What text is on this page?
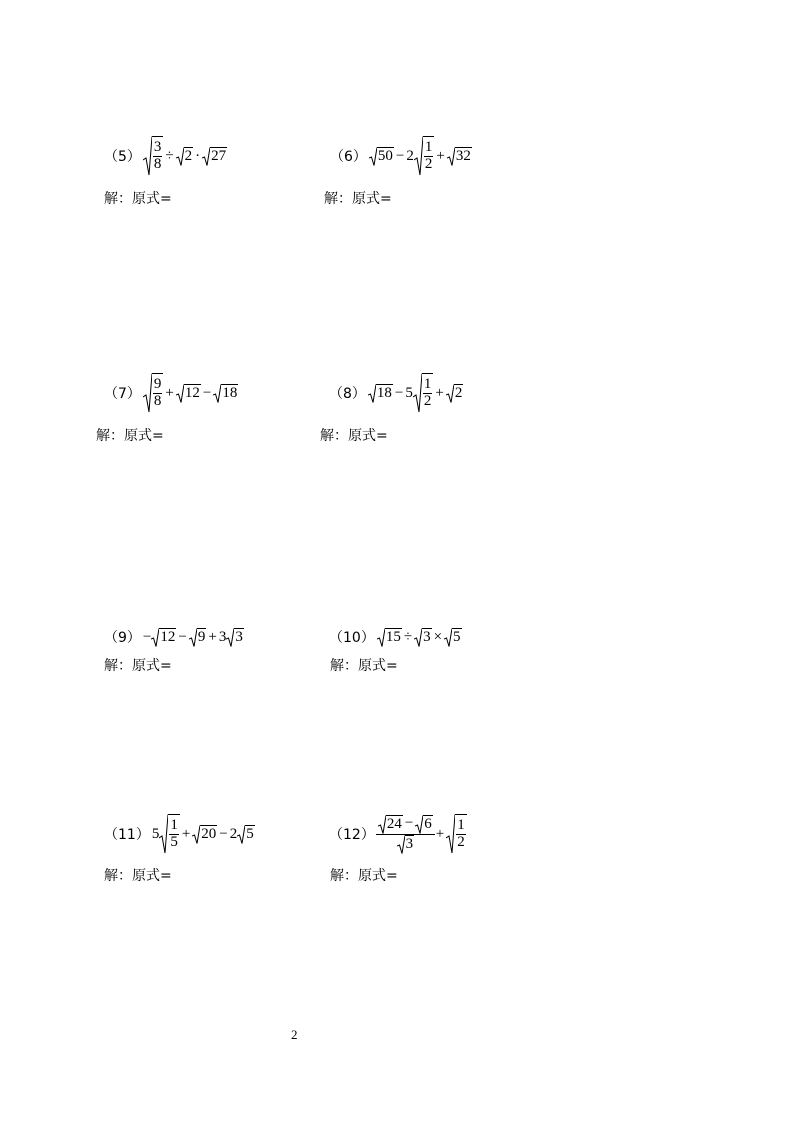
$(5) \frac{3}{8} \div 2 \cdot 27$
解：原式=
（6） $50 - 2 \frac{1}{2} + 32$
解：原式=
$(7) \frac{9}{8} + 12 - 18$
解：原式=
（8） $18 - 5 \frac{1}{2} + 2$
解：原式=
（9） − 12 − 9 + 3 3
解：原式=
（10） 15 ÷ 3 × 5
解：原式=
（11） $5 \frac{1}{5} + 20 - 2$ 5
解：原式=
（12）
24 − 6
3
+ $\frac{1}{2}$
解：原式=
2
